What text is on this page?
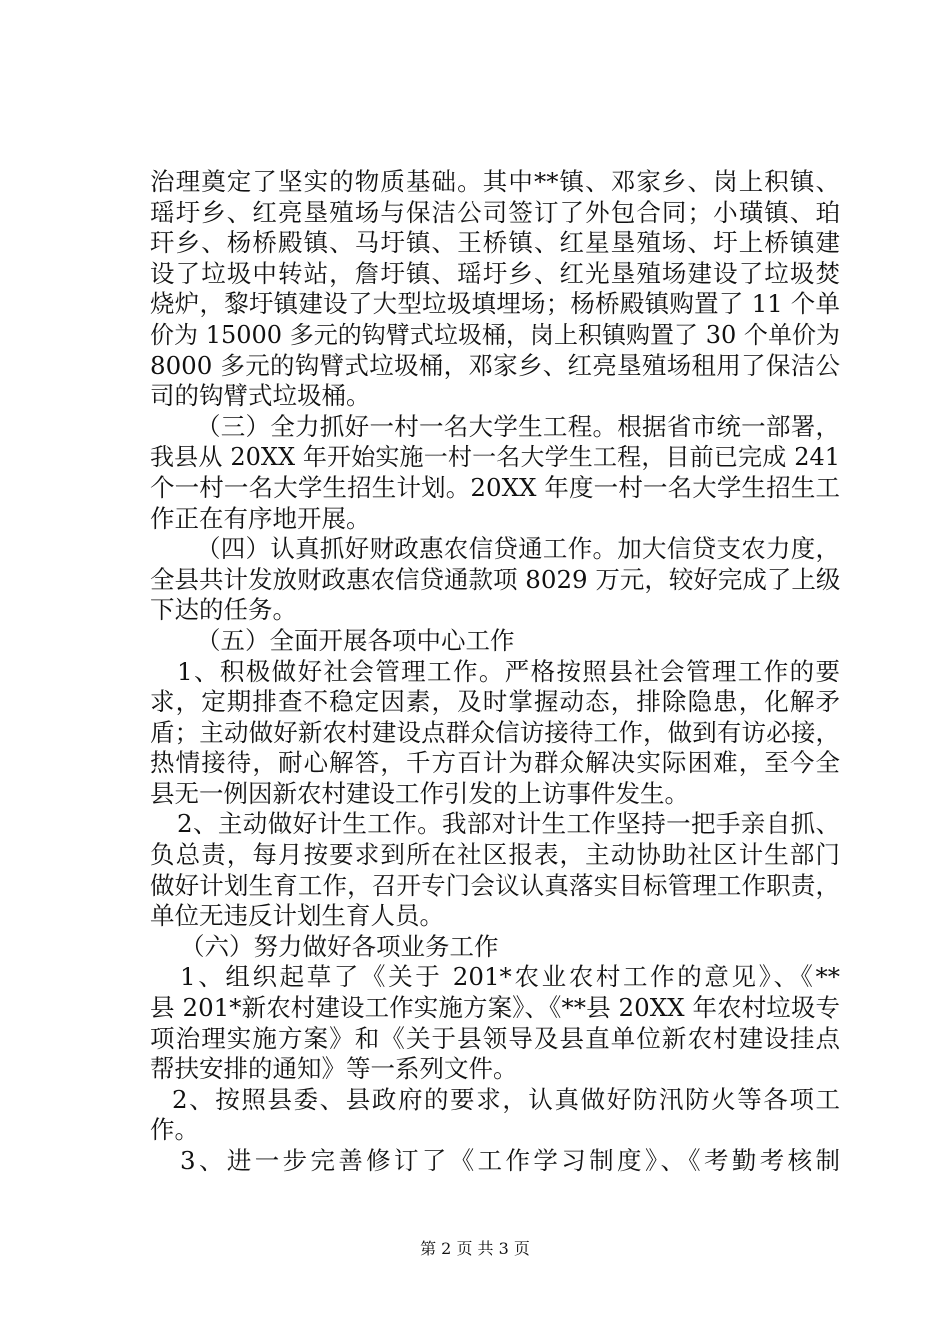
治理奠定了坚实的物质基础。其中**镇、邓家乡、岗上积镇、
瑶圩乡、红亮垦殖场与保洁公司签订了外包合同；小璜镇、珀
玕乡、杨桥殿镇、马圩镇、王桥镇、红星垦殖场、圩上桥镇建
设了垃圾中转站，詹圩镇、瑶圩乡、红光垦殖场建设了垃圾焚
烧炉，黎圩镇建设了大型垃圾填埋场；杨桥殿镇购置了 11 个单
价为 15000 多元的钩臂式垃圾桶，岗上积镇购置了 30 个单价为
8000 多元的钩臂式垃圾桶，邓家乡、红亮垦殖场租用了保洁公
司的钩臂式垃圾桶。
（三）全力抓好一村一名大学生工程。根据省市统一部署，
我县从 20XX 年开始实施一村一名大学生工程，目前已完成 241
个一村一名大学生招生计划。20XX 年度一村一名大学生招生工
作正在有序地开展。
（四）认真抓好财政惠农信贷通工作。加大信贷支农力度，
全县共计发放财政惠农信贷通款项 8029 万元，较好完成了上级
下达的任务。
（五）全面开展各项中心工作
1、积极做好社会管理工作。严格按照县社会管理工作的要
求，定期排查不稳定因素，及时掌握动态，排除隐患，化解矛
盾；主动做好新农村建设点群众信访接待工作，做到有访必接，
热情接待，耐心解答，千方百计为群众解决实际困难，至今全
县无一例因新农村建设工作引发的上访事件发生。
2、主动做好计生工作。我部对计生工作坚持一把手亲自抓、
负总责，每月按要求到所在社区报表，主动协助社区计生部门
做好计划生育工作，召开专门会议认真落实目标管理工作职责，
单位无违反计划生育人员。
（六）努力做好各项业务工作
1、组织起草了《关于 201*农业农村工作的意见》、《**
县 201*新农村建设工作实施方案》、《**县 20XX 年农村垃圾专
项治理实施方案》和《关于县领导及县直单位新农村建设挂点
帮扶安排的通知》等一系列文件。
2、按照县委、县政府的要求，认真做好防汛防火等各项工
作。
3、进一步完善修订了《工作学习制度》、《考勤考核制
第 2 页 共 3 页
